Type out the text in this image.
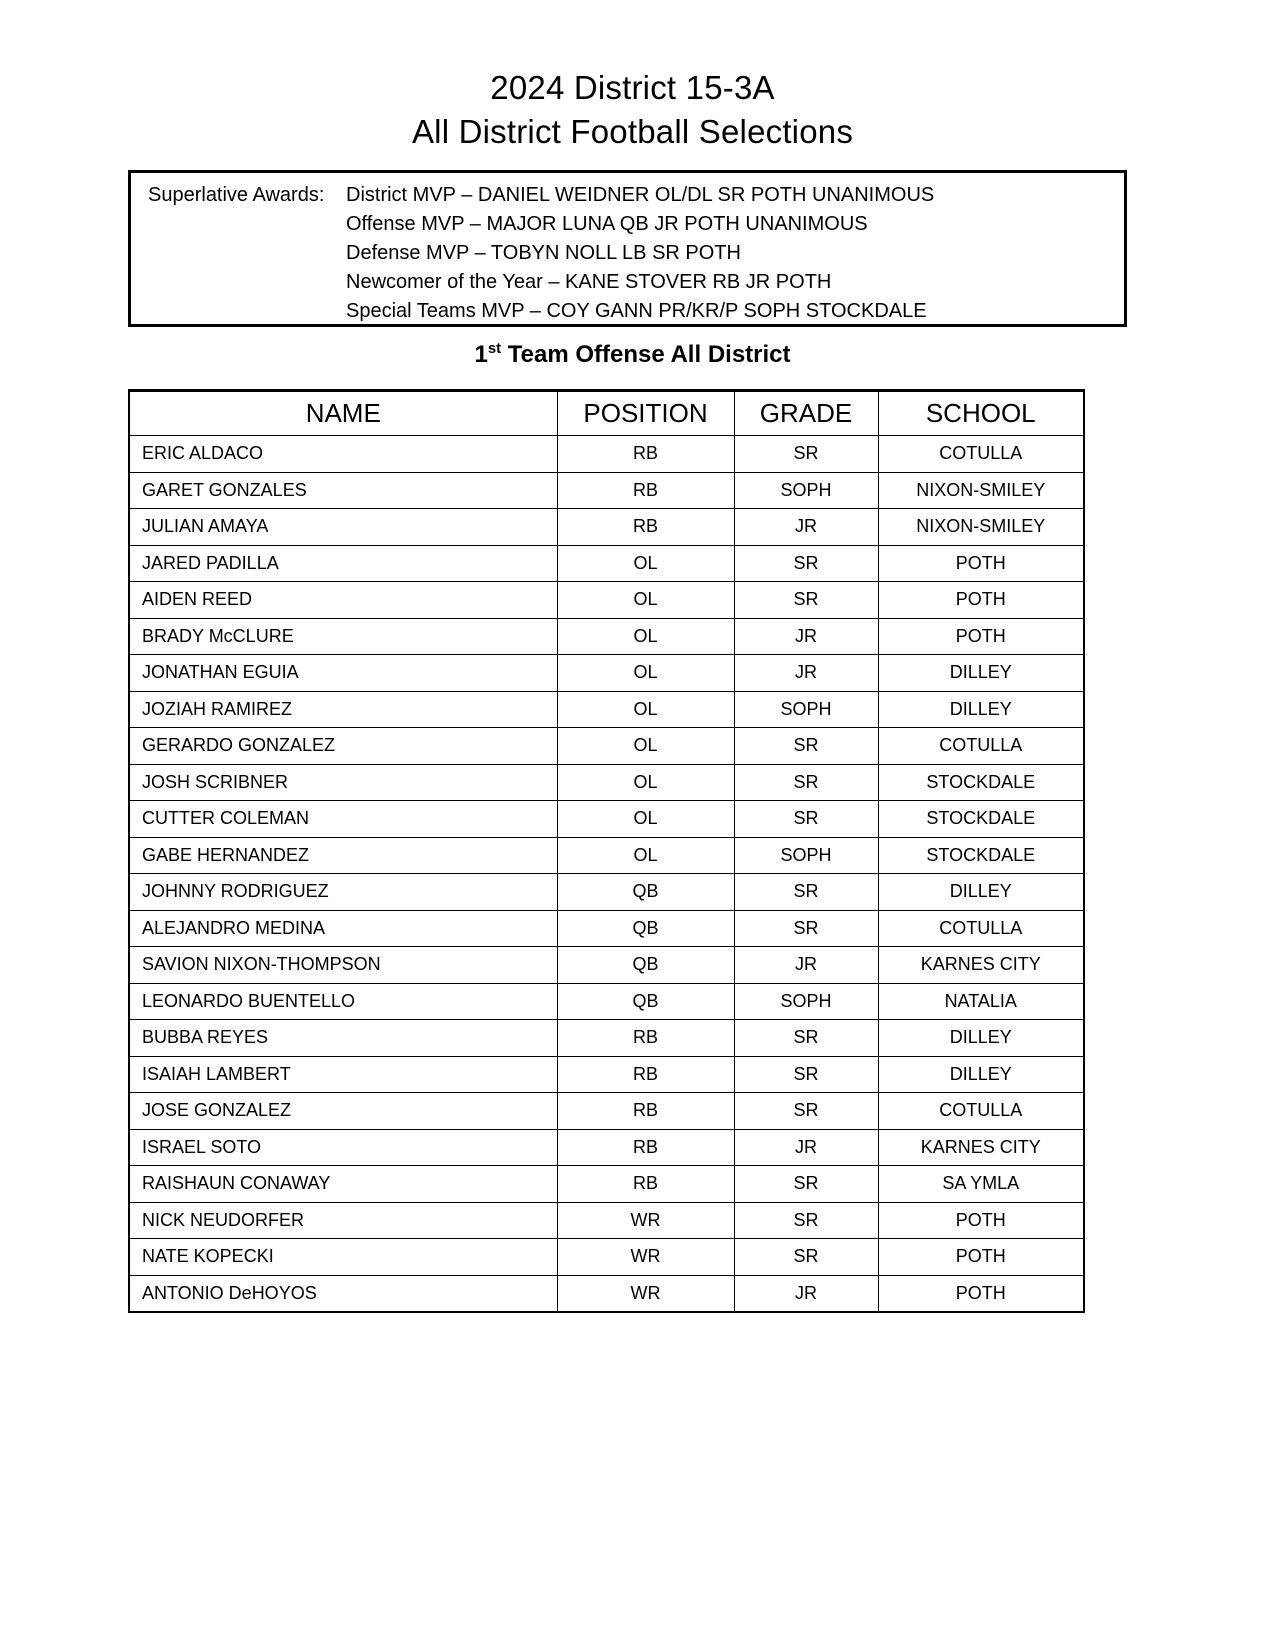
2024 District 15-3A
All District Football Selections
Superlative Awards:	District MVP – DANIEL WEIDNER OL/DL SR POTH UNANIMOUS
Offense MVP – MAJOR LUNA QB JR POTH UNANIMOUS
Defense MVP – TOBYN NOLL LB SR POTH
Newcomer of the Year – KANE STOVER RB JR POTH
Special Teams MVP – COY GANN PR/KR/P SOPH STOCKDALE
1st Team Offense All District
NAME	POSITION	GRADE	SCHOOL
ERIC ALDACO	RB	SR	COTULLA
GARET GONZALES	RB	SOPH	NIXON-SMILEY
JULIAN AMAYA	RB	JR	NIXON-SMILEY
JARED PADILLA	OL	SR	POTH
AIDEN REED	OL	SR	POTH
BRADY McCLURE	OL	JR	POTH
JONATHAN EGUIA	OL	JR	DILLEY
JOZIAH RAMIREZ	OL	SOPH	DILLEY
GERARDO GONZALEZ	OL	SR	COTULLA
JOSH SCRIBNER	OL	SR	STOCKDALE
CUTTER COLEMAN	OL	SR	STOCKDALE
GABE HERNANDEZ	OL	SOPH	STOCKDALE
JOHNNY RODRIGUEZ	QB	SR	DILLEY
ALEJANDRO MEDINA	QB	SR	COTULLA
SAVION NIXON-THOMPSON	QB	JR	KARNES CITY
LEONARDO BUENTELLO	QB	SOPH	NATALIA
BUBBA REYES	RB	SR	DILLEY
ISAIAH LAMBERT	RB	SR	DILLEY
JOSE GONZALEZ	RB	SR	COTULLA
ISRAEL SOTO	RB	JR	KARNES CITY
RAISHAUN CONAWAY	RB	SR	SA YMLA
NICK NEUDORFER	WR	SR	POTH
NATE KOPECKI	WR	SR	POTH
ANTONIO DeHOYOS	WR	JR	POTH
